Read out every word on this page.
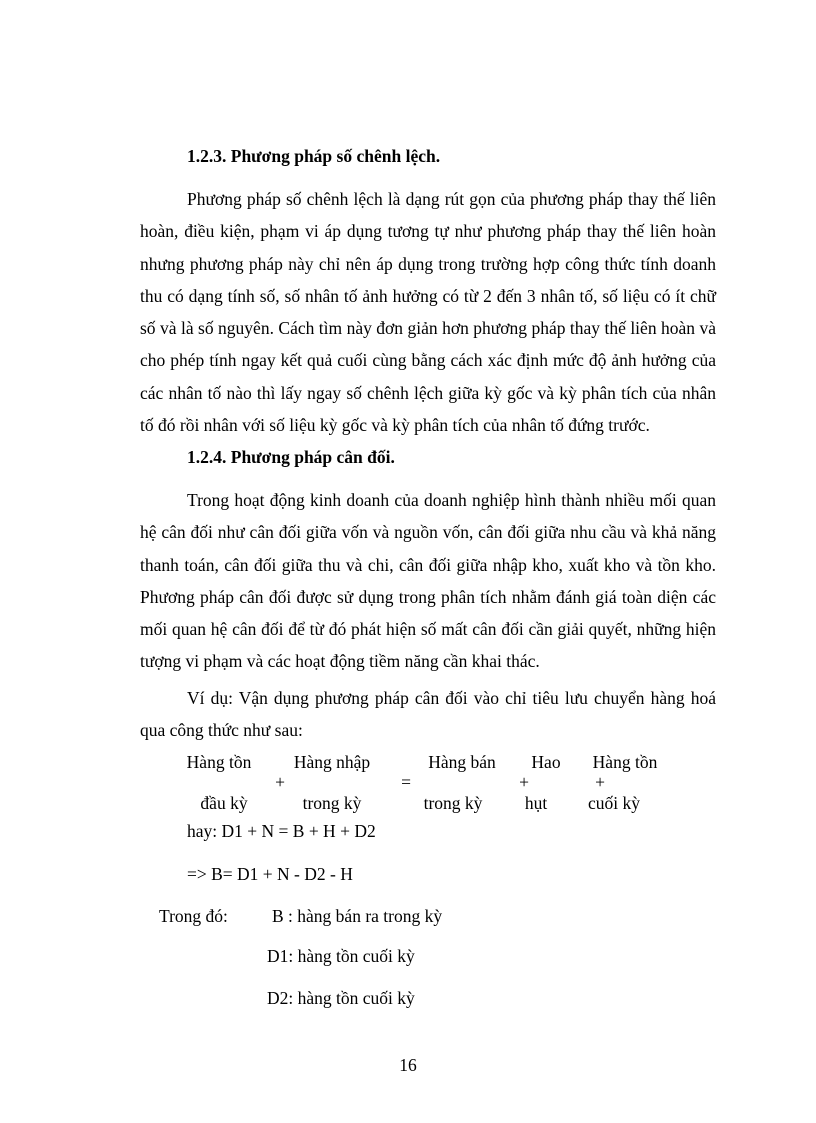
1.2.3. Phương pháp số chênh lệch.

Phương pháp số chênh lệch là dạng rút gọn của phương pháp thay thế liên hoàn, điều kiện, phạm vi áp dụng tương tự như phương pháp thay thế liên hoàn nhưng phương pháp này chỉ nên áp dụng trong trường hợp công thức tính doanh thu có dạng tính số, số nhân tố ảnh hưởng có từ 2 đến 3 nhân tố, số liệu có ít chữ số và là số nguyên. Cách tìm này đơn giản hơn phương pháp thay thế liên hoàn và cho phép tính ngay kết quả cuối cùng bằng cách xác định mức độ ảnh hưởng của các nhân tố nào thì lấy ngay số chênh lệch giữa kỳ gốc và kỳ phân tích của nhân tố đó rồi nhân với số liệu kỳ gốc và kỳ phân tích của nhân tố đứng trước.

1.2.4. Phương pháp cân đối.

Trong hoạt động kinh doanh của doanh nghiệp hình thành nhiều mối quan hệ cân đối như cân đối giữa vốn và nguồn vốn, cân đối giữa nhu cầu và khả năng thanh toán, cân đối giữa thu và chi, cân đối giữa nhập kho, xuất kho và tồn kho. Phương pháp cân đối được sử dụng trong phân tích nhằm đánh giá toàn diện các mối quan hệ cân đối để từ đó phát hiện số mất cân đối cần giải quyết, những hiện tượng vi phạm và các hoạt động tiềm năng cần khai thác.

Ví dụ: Vận dụng phương pháp cân đối vào chỉ tiêu lưu chuyển hàng hoá qua công thức như sau:

Hàng tồn
đầu kỳ
+
Hàng nhập
trong kỳ
=
Hàng bán
trong kỳ
+
Hao
hụt
+
Hàng tồn
cuối kỳ
hay: D1 + N = B + H + D2
=> B= D1 + N - D2 - H
Trong đó:	B : hàng bán ra trong kỳ
D1: hàng tồn cuối kỳ
D2: hàng tồn cuối kỳ
16
